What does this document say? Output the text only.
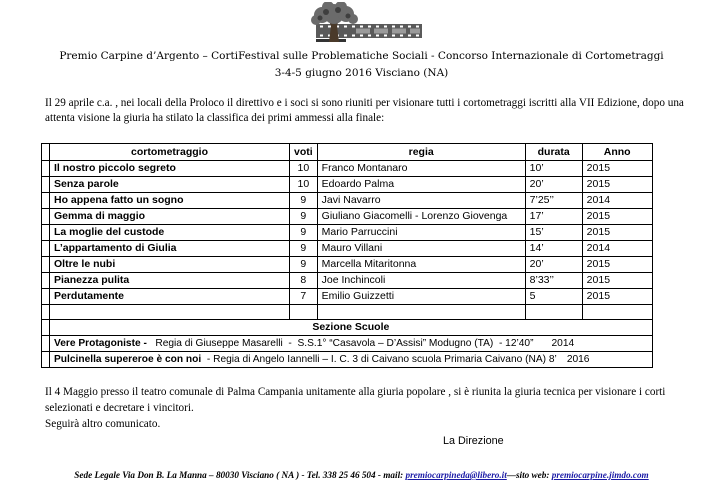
Premio Carpine d’Argento – CortiFestival sulle Problematiche Sociali - Concorso Internazionale di Cortometraggi
3-4-5 giugno 2016 Visciano (NA)
Il 29 aprile c.a. , nei locali della Proloco il direttivo e i soci si sono riuniti per visionare tutti i cortometraggi iscritti alla VII Edizione, dopo una attenta visione la giuria ha stilato la classifica dei primi ammessi alla finale:
	cortometraggio	voti	regia	durata	Anno
	Il nostro piccolo segreto	10	Franco Montanaro	10’	2015
	Senza parole	10	Edoardo Palma	20’	2015
	Ho appena fatto un sogno	9	Javi Navarro	7’25’’	2014
	Gemma di maggio	9	Giuliano Giacomelli - Lorenzo Giovenga	17’	2015
	La moglie del custode	9	Mario Parruccini	15’	2015
	L’appartamento di Giulia	9	Mauro Villani	14’	2014
	Oltre le nubi	9	Marcella Mitaritonna	20’	2015
	Pianezza pulita	8	Joe Inchincoli	8’33’’	2015
	Perdutamente	7	Emilio Guizzetti	5	2015

	Sezione Scuole				
	Vere Protagoniste -   Regia di Giuseppe Masarelli  -  S.S.1° “Casavola – D’Assisi” Modugno (TA)  - 12’40” 2014				
	Pulcinella supereroe è con noi  - Regia di Angelo Iannelli – I. C. 3 di Caivano scuola Primaria Caivano (NA) 8’ 2016				
Il 4 Maggio presso il teatro comunale di Palma Campania unitamente alla giuria popolare , si è riunita la giuria tecnica per visionare i corti selezionati e decretare i vincitori.
Seguirà altro comunicato.
La Direzione
Sede Legale Via Don B. La Manna – 80030 Visciano ( NA ) - Tel. 338 25 46 504 - mail: premiocarpineda@libero.it—sito web: premiocarpine.jimdo.com
